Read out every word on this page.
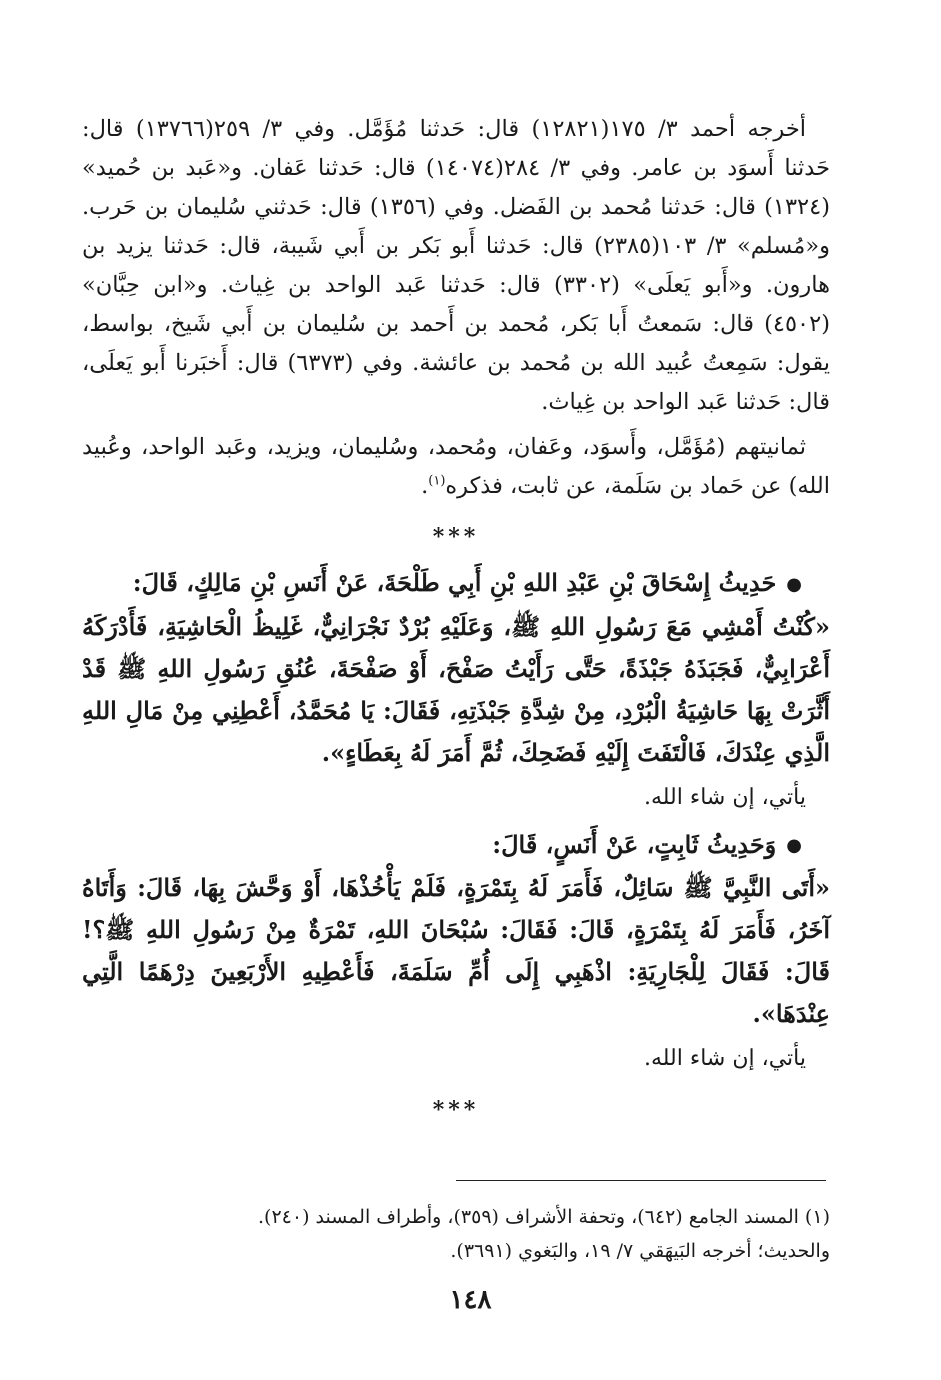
أخرجه أحمد ٣/ ١٧٥(١٢٨٢١) قال: حَدثنا مُؤَمَّل. وفي ٣/ ٢٥٩(١٣٧٦٦) قال: حَدثنا أَسوَد بن عامر. وفي ٣/ ٢٨٤(١٤٠٧٤) قال: حَدثنا عَفان. و«عَبد بن حُميد» (١٣٢٤) قال: حَدثنا مُحمد بن الفَضل. وفي (١٣٥٦) قال: حَدثني سُليمان بن حَرب. و«مُسلم» ٣/ ١٠٣(٢٣٨٥) قال: حَدثنا أَبو بَكر بن أَبي شَيبة، قال: حَدثنا يزيد بن هارون. و«أَبو يَعلَى» (٣٣٠٢) قال: حَدثنا عَبد الواحد بن غِياث. و«ابن حِبَّان» (٤٥٠٢) قال: سَمعتُ أَبا بَكر، مُحمد بن أَحمد بن سُليمان بن أَبي شَيخ، بواسط، يقول: سَمِعتُ عُبيد الله بن مُحمد بن عائشة. وفي (٦٣٧٣) قال: أَخبَرنا أَبو يَعلَى، قال: حَدثنا عَبد الواحد بن غِياث.

ثمانيتهم (مُؤَمَّل، وأَسوَد، وعَفان، ومُحمد، وسُليمان، ويزيد، وعَبد الواحد، وعُبيد الله) عن حَماد بن سَلَمة، عن ثابت، فذكره$^{(١)}$.

***

●حَدِيثُ إِسْحَاقَ بْنِ عَبْدِ اللهِ بْنِ أَبِي طَلْحَةَ، عَنْ أَنَسِ بْنِ مَالِكٍ، قَالَ:

«كُنْتُ أَمْشِي مَعَ رَسُولِ اللهِ ﷺ، وَعَلَيْهِ بُرْدٌ نَجْرَانِيٌّ، غَلِيظُ الْحَاشِيَةِ، فَأَدْرَكَهُ أَعْرَابِيٌّ، فَجَبَذَهُ جَبْذَةً، حَتَّى رَأَيْتُ صَفْحَ، أَوْ صَفْحَةَ، عُنُقِ رَسُولِ اللهِ ﷺ قَدْ أَثَّرَتْ بِهَا حَاشِيَةُ الْبُرْدِ، مِنْ شِدَّةِ جَبْذَتِهِ، فَقَالَ: يَا مُحَمَّدُ، أَعْطِنِي مِنْ مَالِ اللهِ الَّذِي عِنْدَكَ، فَالْتَفَتَ إِلَيْهِ فَضَحِكَ، ثُمَّ أَمَرَ لَهُ بِعَطَاءٍ».

يأتي، إن شاء الله.

●وَحَدِيثُ ثَابِتٍ، عَنْ أَنَسٍ، قَالَ:

«أَتَى النَّبِيَّ ﷺ سَائِلٌ، فَأَمَرَ لَهُ بِتَمْرَةٍ، فَلَمْ يَأْخُذْهَا، أَوْ وَحَّشَ بِهَا، قَالَ: وَأَتَاهُ آخَرُ، فَأَمَرَ لَهُ بِتَمْرَةٍ، قَالَ: فَقَالَ: سُبْحَانَ اللهِ، تَمْرَةٌ مِنْ رَسُولِ اللهِ ﷺ؟! قَالَ: فَقَالَ لِلْجَارِيَةِ: اذْهَبِي إِلَى أُمِّ سَلَمَةَ، فَأَعْطِيهِ الأَرْبَعِينَ دِرْهَمًا الَّتِي عِنْدَهَا».

يأتي، إن شاء الله.

***

(١) المسند الجامع (٦٤٢)، وتحفة الأشراف (٣٥٩)، وأطراف المسند (٢٤٠).

والحديث؛ أخرجه البَيهَقي ٧/ ١٩، والبَغوي (٣٦٩١).

١٤٨
